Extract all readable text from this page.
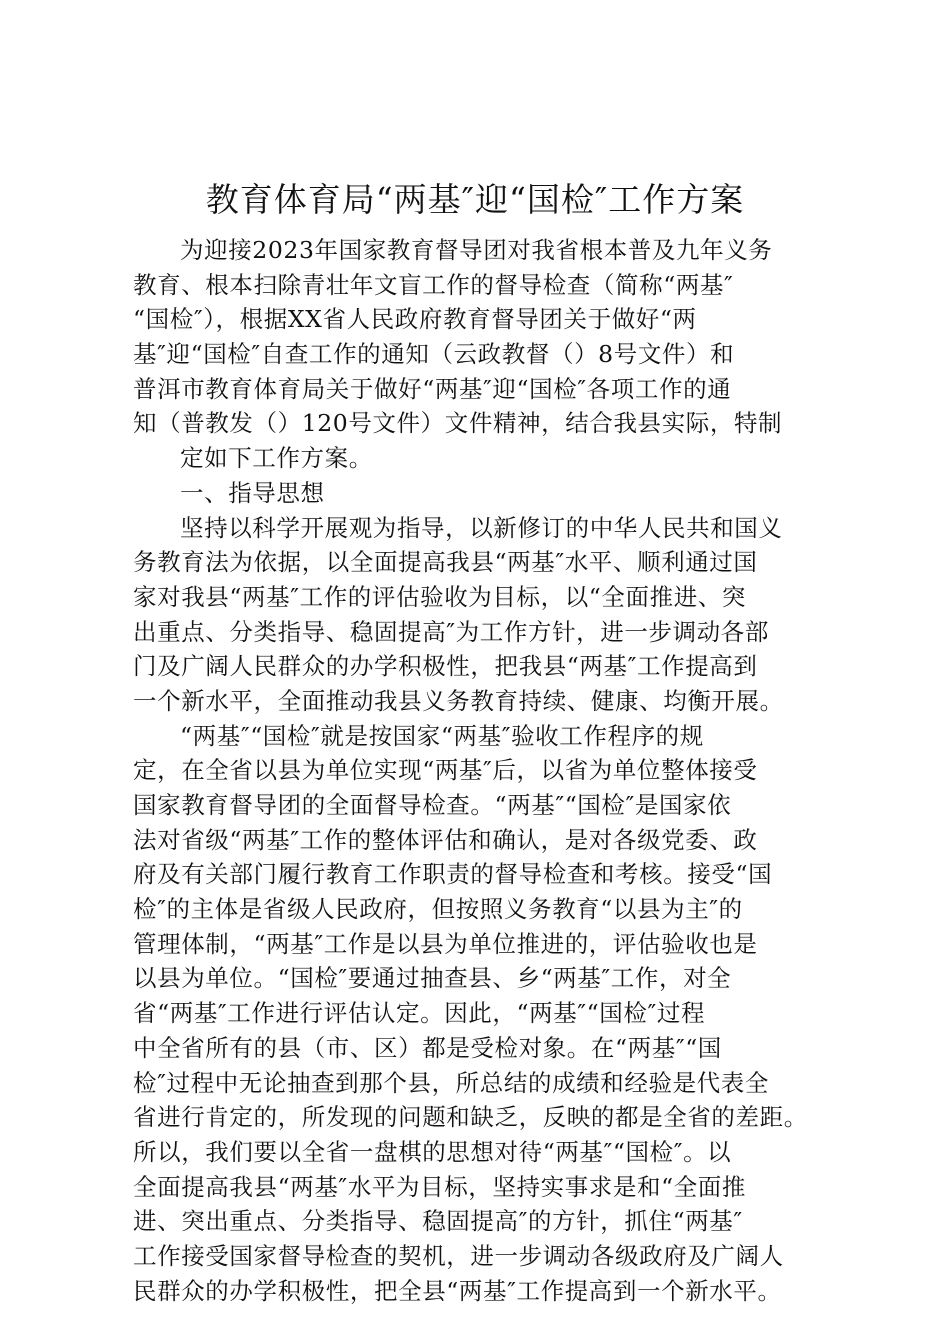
教育体育局“两基″迎“国检″工作方案
为迎接2023年国家教育督导团对我省根本普及九年义务
教育、根本扫除青壮年文盲工作的督导检查（简称“两基″
“国检″），根据XX省人民政府教育督导团关于做好“两
基″迎“国检″自查工作的通知（云政教督（）8号文件）和
普洱市教育体育局关于做好“两基″迎“国检″各项工作的通
知（普教发（）120号文件）文件精神，结合我县实际，特制
定如下工作方案。
一、指导思想
坚持以科学开展观为指导，以新修订的中华人民共和国义
务教育法为依据，以全面提高我县“两基″水平、顺利通过国
家对我县“两基″工作的评估验收为目标，以“全面推进、突
出重点、分类指导、稳固提高″为工作方针，进一步调动各部
门及广阔人民群众的办学积极性，把我县“两基″工作提高到
一个新水平，全面推动我县义务教育持续、健康、均衡开展。
“两基″“国检″就是按国家“两基″验收工作程序的规
定，在全省以县为单位实现“两基″后，以省为单位整体接受
国家教育督导团的全面督导检查。“两基″“国检″是国家依
法对省级“两基″工作的整体评估和确认，是对各级党委、政
府及有关部门履行教育工作职责的督导检查和考核。接受“国
检″的主体是省级人民政府，但按照义务教育“以县为主″的
管理体制，“两基″工作是以县为单位推进的，评估验收也是
以县为单位。“国检″要通过抽查县、乡“两基″工作，对全
省“两基″工作进行评估认定。因此，“两基″“国检″过程
中全省所有的县（市、区）都是受检对象。在“两基″“国
检″过程中无论抽查到那个县，所总结的成绩和经验是代表全
省进行肯定的，所发现的问题和缺乏，反映的都是全省的差距。
所以，我们要以全省一盘棋的思想对待“两基″“国检″。以
全面提高我县“两基″水平为目标，坚持实事求是和“全面推
进、突出重点、分类指导、稳固提高″的方针，抓住“两基″
工作接受国家督导检查的契机，进一步调动各级政府及广阔人
民群众的办学积极性，把全县“两基″工作提高到一个新水平。
